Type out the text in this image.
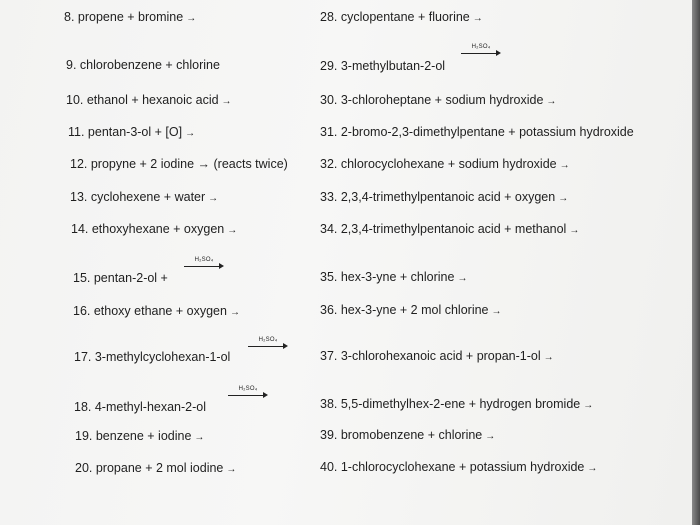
8. propene + bromine →
9. chlorobenzene + chlorine
10. ethanol + hexanoic acid →
11. pentan-3-ol + [O] →
12. propyne + 2 iodine → (reacts twice)
13. cyclohexene + water →
14. ethoxyhexane + oxygen →
15. pentan-2-ol +
H₂SO₄
16. ethoxy ethane + oxygen →
17. 3-methylcyclohexan-1-ol
H₂SO₄
18. 4-methyl-hexan-2-ol
H₂SO₄
19. benzene + iodine →
20. propane + 2 mol iodine →
28. cyclopentane + fluorine →
29. 3-methylbutan-2-ol
H₂SO₄
30. 3-chloroheptane + sodium hydroxide →
31. 2-bromo-2,3-dimethylpentane + potassium hydroxide
32. chlorocyclohexane + sodium hydroxide →
33. 2,3,4-trimethylpentanoic acid + oxygen →
34. 2,3,4-trimethylpentanoic acid + methanol →
35. hex-3-yne + chlorine →
36. hex-3-yne + 2 mol chlorine →
37. 3-chlorohexanoic acid + propan-1-ol →
38. 5,5-dimethylhex-2-ene + hydrogen bromide →
39. bromobenzene + chlorine →
40. 1-chlorocyclohexane + potassium hydroxide →
